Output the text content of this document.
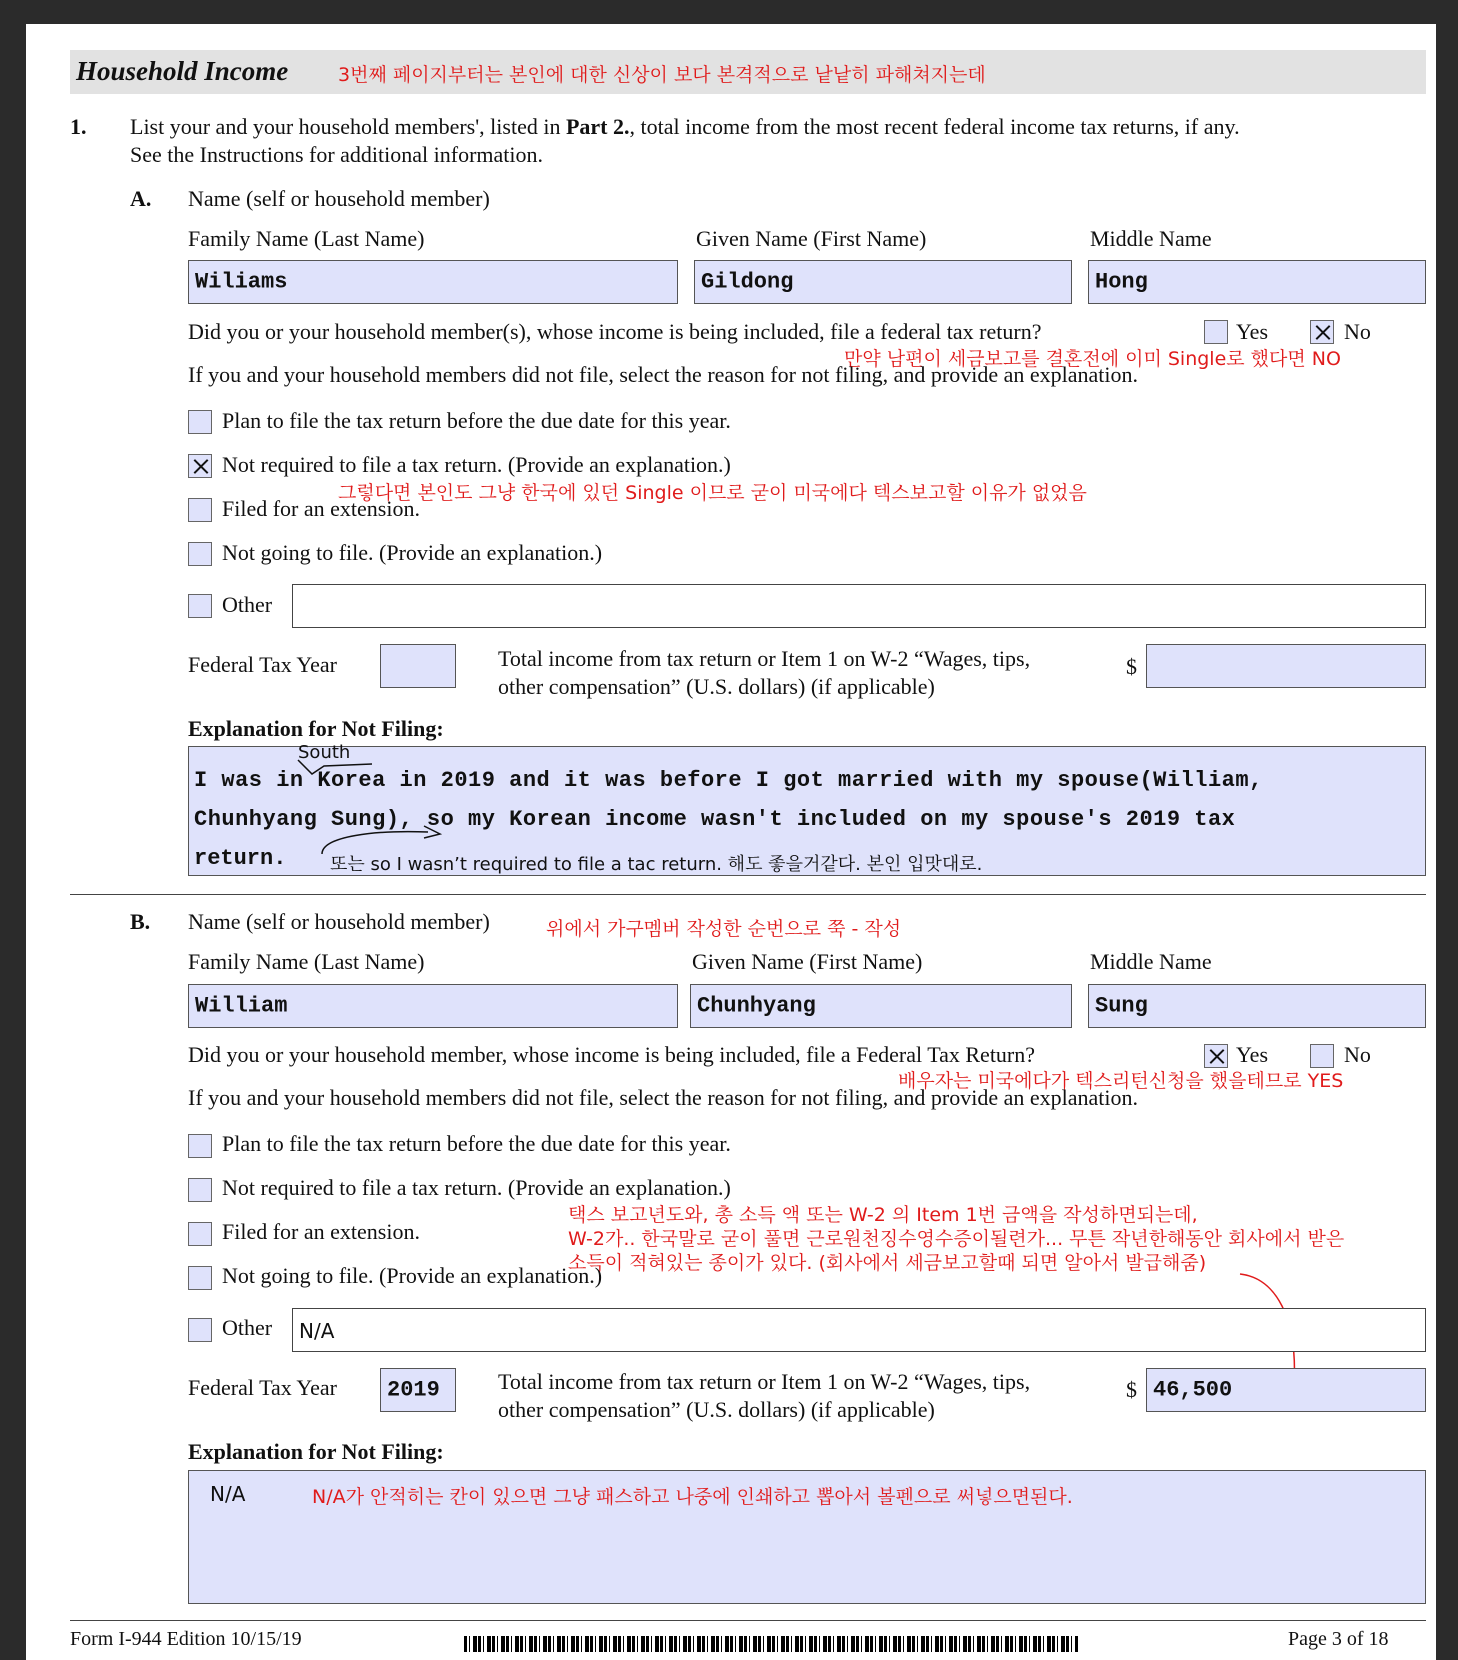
Household Income	3번째 페이지부터는 본인에 대한 신상이 보다 본격적으로 낱낱히 파해쳐지는데
1. List your and your household members', listed in Part 2., total income from the most recent federal income tax returns, if any.
See the Instructions for additional information.
A. Name (self or household member)
Family Name (Last Name)	Given Name (First Name)	Middle Name
Wiliams	Gildong	Hong
Did you or your household member(s), whose income is being included, file a federal tax return?	Yes	No
만약 남편이 세금보고를 결혼전에 이미 Single로 했다면 NO
If you and your household members did not file, select the reason for not filing, and provide an explanation.
Plan to file the tax return before the due date for this year.
Not required to file a tax return. (Provide an explanation.)
그렇다면 본인도 그냥 한국에 있던 Single 이므로 굳이 미국에다 텍스보고할 이유가 없었음
Filed for an extension.
Not going to file. (Provide an explanation.)
Other
Federal Tax Year	Total income from tax return or Item 1 on W-2 “Wages, tips,
other compensation” (U.S. dollars) (if applicable)
$
Explanation for Not Filing:
South
I was in Korea in 2019 and it was before I got married with my spouse(William,
Chunhyang Sung), so my Korean income wasn't included on my spouse's 2019 tax
return. 또는 so I wasn’t required to file a tac return. 해도 좋을거같다. 본인 입맛대로.
B. Name (self or household member)	위에서 가구멤버 작성한 순번으로 쭉 - 작성
Family Name (Last Name)	Given Name (First Name)	Middle Name
William	Chunhyang	Sung
Did you or your household member, whose income is being included, file a Federal Tax Return?	Yes	No
배우자는 미국에다가 텍스리턴신청을 했을테므로 YES
If you and your household members did not file, select the reason for not filing, and provide an explanation.
Plan to file the tax return before the due date for this year.
Not required to file a tax return. (Provide an explanation.)
택스 보고년도와, 총 소득 액 또는 W-2 의 Item 1번 금액을 작성하면되는데,
W-2가.. 한국말로 굳이 풀면 근로원천징수영수증이될련가... 무튼 작년한해동안 회사에서 받은
소득이 적혀있는 종이가 있다. (회사에서 세금보고할때 되면 알아서 발급해줌)
Filed for an extension.
Not going to file. (Provide an explanation.)
Other N/A
Federal Tax Year 2019	Total income from tax return or Item 1 on W-2 “Wages, tips,
other compensation” (U.S. dollars) (if applicable)
$ 46,500
Explanation for Not Filing:
N/A	N/A가 안적히는 칸이 있으면 그냥 패스하고 나중에 인쇄하고 뽑아서 볼펜으로 써넣으면된다.
Form I-944 Edition 10/15/19	Page 3 of 18
